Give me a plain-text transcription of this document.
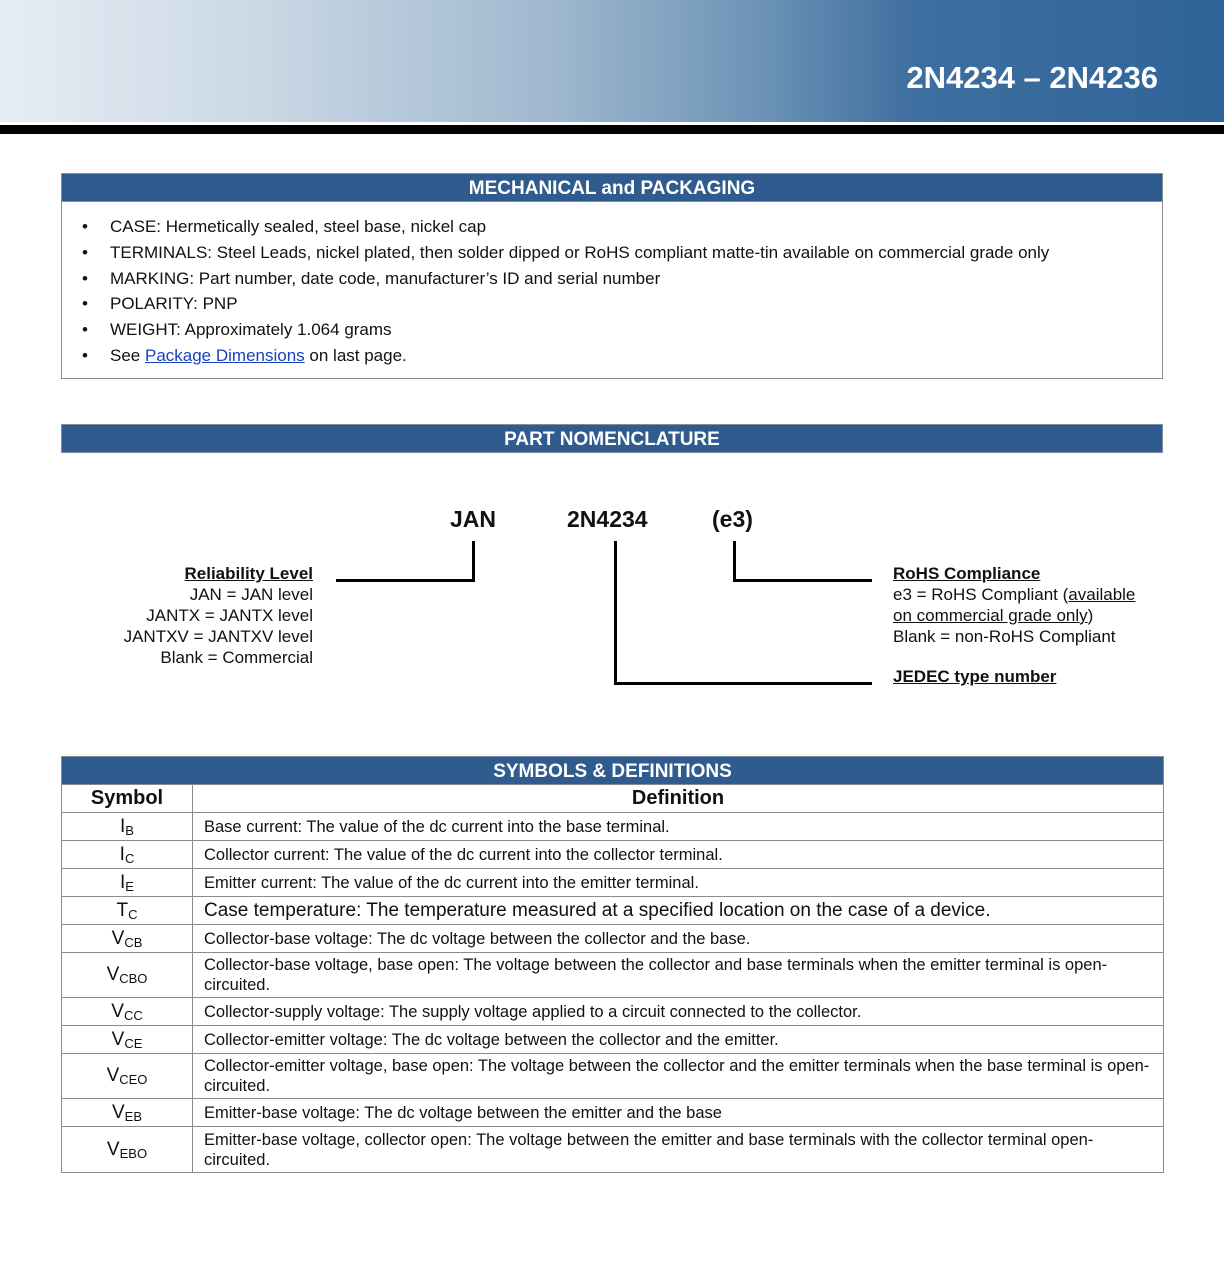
2N4234 – 2N4236
MECHANICAL and PACKAGING
• CASE: Hermetically sealed, steel base, nickel cap
• TERMINALS: Steel Leads, nickel plated, then solder dipped or RoHS compliant matte-tin available on commercial grade only
• MARKING: Part number, date code, manufacturer’s ID and serial number
• POLARITY: PNP
• WEIGHT: Approximately 1.064 grams
• See Package Dimensions on last page.
PART NOMENCLATURE
JAN	2N4234	(e3)
Reliability Level
JAN = JAN level
JANTX = JANTX level
JANTXV = JANTXV level
Blank = Commercial
RoHS Compliance
e3 = RoHS Compliant (available
on commercial grade only)
Blank = non-RoHS Compliant
JEDEC type number
SYMBOLS & DEFINITIONS
Symbol	Definition
$I_B$	Base current: The value of the dc current into the base terminal.
$I_C$	Collector current: The value of the dc current into the collector terminal.
$I_E$	Emitter current: The value of the dc current into the emitter terminal.
$T_C$	Case temperature: The temperature measured at a specified location on the case of a device.
$V_{CB}$	Collector-base voltage: The dc voltage between the collector and the base.
$V_{CBO}$	Collector-base voltage, base open: The voltage between the collector and base terminals when the emitter terminal is open-circuited.
$V_{CC}$	Collector-supply voltage: The supply voltage applied to a circuit connected to the collector.
$V_{CE}$	Collector-emitter voltage: The dc voltage between the collector and the emitter.
$V_{CEO}$	Collector-emitter voltage, base open: The voltage between the collector and the emitter terminals when the base terminal is open-circuited.
$V_{EB}$	Emitter-base voltage: The dc voltage between the emitter and the base
$V_{EBO}$	Emitter-base voltage, collector open: The voltage between the emitter and base terminals with the collector terminal open-circuited.
